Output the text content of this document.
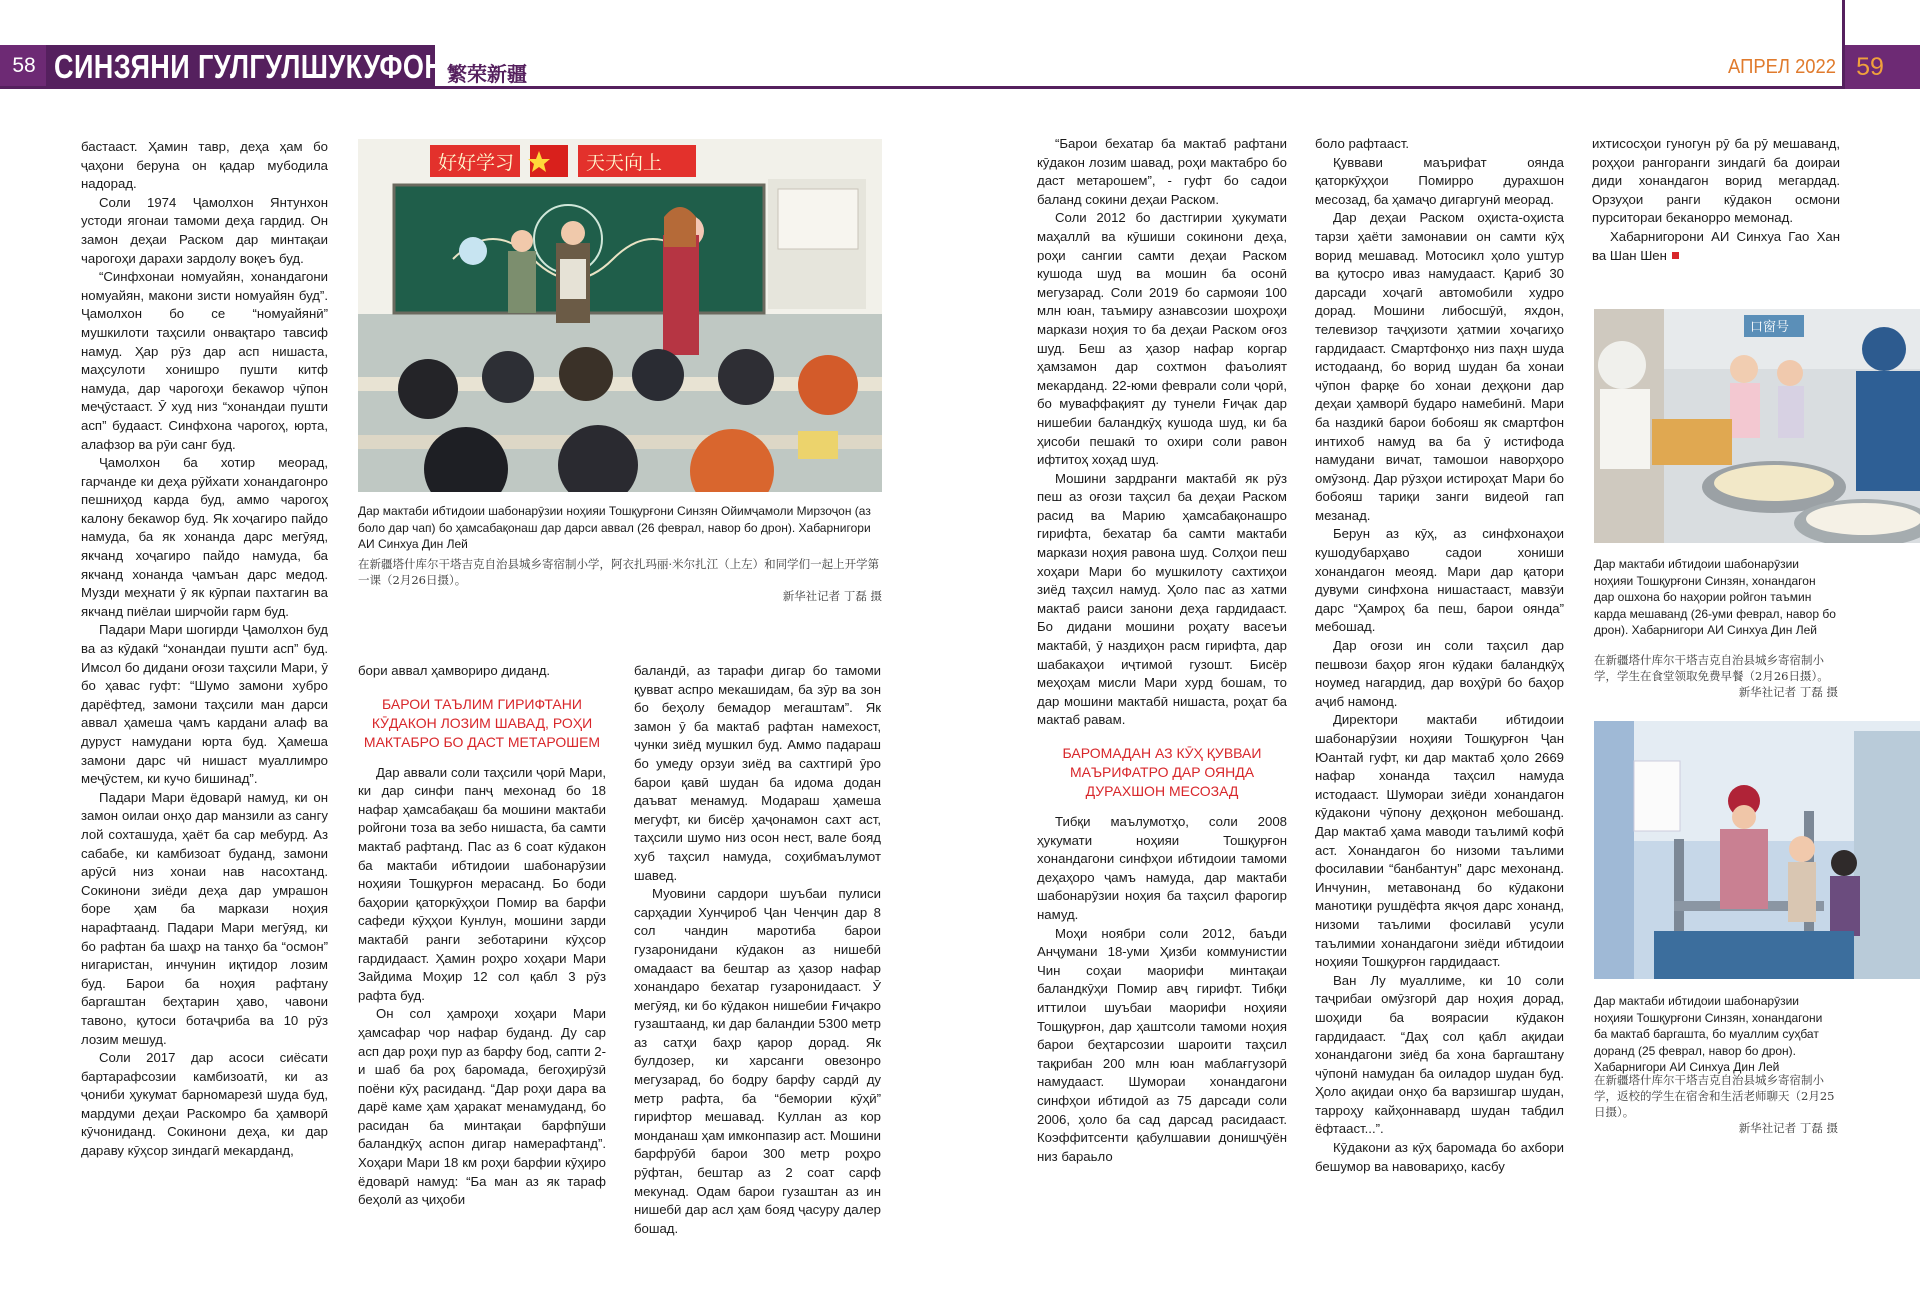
58 СИНЗЯНИ ГУЛГУЛШУКУФОН 繁荣新疆	АПРЕЛ 2022 59

бастааст. Ҳамин тавр, деҳа ҳам бо ҷаҳони беруна он қадар мубодила надорад.

Соли 1974 Ҷамолхон Янтунхон устоди ягонаи тамоми деҳа гардид. Он замон деҳаи Раском дар минтақаи чарогоҳи дарахи зардолу воқеъ буд.

“Синфхонаи номуайян, хонандагони номуайян, макони зисти номуайян буд”. Ҷамолхон бо се “номуайянӣ” мушкилоти таҳсили онвақтаро тавсиф намуд. Ҳар рӯз дар асп нишаста, маҳсулоти хонишро пушти китф намуда, дар чарогоҳи бекаԝор чӯпон меҷӯстааст. Ӯ худ низ “хонандаи пушти асп” будааст. Синфхона чарогоҳ, юрта, алафзор ва рӯи санг буд.

Ҷамолхон ба хотир меорад, гарчанде ки деҳа рӯйхати хонандагонро пешниҳод карда буд, аммо чарогоҳ калону бекаԝор буд. Як хоҷагиро пайдо намуда, ба як хонанда дарс мегӯяд, якчанд хоҷагиро пайдо намуда, ба якчанд хонанда ҷамъан дарс медод. Музди меҳнати ӯ як кӯрпаи пахтагин ва якчанд пиёлаи ширчойи гарм буд.

Падари Мари шогирди Ҷамолхон буд ва аз кӯдакӣ “хонандаи пушти асп” буд. Имсол бо дидани оғози таҳсили Мари, ӯ бо ҳавас гуфт: “Шумо замони хубро дарёфтед, замони таҳсили ман дарси аввал ҳамеша ҷамъ кардани алаф ва дуруст намудани юрта буд. Ҳамеша замони дарс чӣ нишаст муаллимро меҷӯстем, ки кучо бишинад”.

Падари Мари ёдоварӣ намуд, ки он замон оилаи онҳо дар манзили аз сангу лой сохташуда, ҳаёт ба сар мебурд. Аз сабабе, ки камбизоат буданд, замони арӯсӣ низ хонаи нав насохтанд. Сокинони зиёди деҳа дар умрашон боре ҳам ба маркази ноҳия нарафтаанд. Падари Мари мегӯяд, ки бо рафтан ба шаҳр на танҳо ба “осмон” нигаристан, инчунин иқтидор лозим буд. Барои ба ноҳия рафтану баргаштан беҳтарин ҳаво, чавони тавоно, қутоси ботаҷриба ва 10 рӯз лозим мешуд.

Соли 2017 дар асоси сиёсати бартарафсозии камбизоатӣ, ки аз ҷониби ҳукумат барномарезӣ шуда буд, мардуми деҳаи Раскомро ба ҳамворӣ кӯчониданд. Сокинони деҳа, ки дар дараву кӯҳсор зиндагӣ мекарданд,

好好学习	天天向上
Дар мактаби ибтидоии шабонарӯзии ноҳияи Тошқурғони Синзян Ойимҷамоли Мирзоҷон (аз боло дар чап) бо ҳамсабақонаш дар дарси аввал (26 феврал, навор бо дрон). Хабарнигори АИ Синхуа Дин Лей
在新疆塔什库尔干塔吉克自治县城乡寄宿制小学，阿衣扎玛丽·米尔扎江（上左）和同学们一起上开学第一课（2月26日摄）。
新华社记者 丁磊 摄

бори аввал ҳамвориро диданд.

БАРОИ ТАЪЛИМ ГИРИФТАНИ КӮДАКОН ЛОЗИМ ШАВАД, РОҲИ МАКТАБРО БО ДАСТ МЕТАРОШЕМ

Дар аввали соли таҳсили ҷорӣ Мари, ки дар синфи панҷ мехонад бо 18 нафар ҳамсабақаш ба мошини мактаби ройгони тоза ва зебо нишаста, ба самти мактаб рафтанд. Пас аз 6 соат кӯдакон ба мактаби ибтидоии шабонарӯзии ноҳияи Тошқурғон мерасанд. Бо боди баҳории қаторкӯҳҳои Помир ва барфи сафеди кӯҳҳои Кунлун, мошини зарди мактабӣ ранги зеботарини кӯҳсор гардидааст. Ҳамин роҳро хоҳари Мари Зайдима Моҳир 12 сол қабл 3 рӯз рафта буд.

Он сол ҳамроҳи хоҳари Мари ҳамсафар чор нафар буданд. Ду сар асп дар роҳи пур аз барфу бод, сапти 2-и шаб ба роҳ баромада, бегоҳирӯзӣ поёни кӯҳ расиданд. “Дар роҳи дара ва дарё каме ҳам ҳаракат менамуданд, бо расидан ба минтақаи барфпӯши баландкӯҳ аспон дигар намерафтанд”. Хоҳари Мари 18 км роҳи барфии кӯҳиро ёдоварӣ намуд: “Ба ман аз як тараф беҳолӣ аз ҷиҳоби

баландӣ, аз тарафи дигар бо тамоми қувват аспро мекашидам, ба зӯр ва зон бо беҳолу бемадор мегаштам”. Як замон ӯ ба мактаб рафтан намехост, чунки зиёд мушкил буд. Аммо падараш бо умеду орзуи зиёд ва сахтгирӣ ӯро барои қавӣ шудан ба идома додан даъват менамуд. Модараш ҳамеша мегуфт, ки бисёр ҳаҷонамон сахт аст, таҳсили шумо низ осон нест, вале бояд хуб таҳсил намуда, соҳибмаълумот шавед.

Муовини сардори шуъбаи пулиси сарҳадии Хунҷироб Ҷан Ченҷин дар 8 сол чандин маротиба барои гузаронидани кӯдакон аз нишебӣ омадааст ва бештар аз ҳазор нафар хонандаро бехатар гузаронидааст. Ӯ мегӯяд, ки бо кӯдакон нишебии Ғиҷакро гузаштаанд, ки дар баландии 5300 метр аз сатҳи баҳр қарор дорад. Як булдозер, ки харсанги овезонро мегузарад, бо бодру барфу сардӣ ду метр рафта, ба “бемории кӯҳӣ” гирифтор мешавад. Куллан аз кор монданаш ҳам имконпазир аст. Мошини барфрӯбӣ барои 300 метр роҳро рӯфтан, бештар аз 2 соат сарф мекунад. Одам барои гузаштан аз ин нишебӣ дар асл ҳам бояд ҷасуру далер бошад.

“Барои бехатар ба мактаб рафтани кӯдакон лозим шавад, роҳи мактабро бо даст метарошем”, - гуфт бо садои баланд сокини деҳаи Раском.

Соли 2012 бо дастгирии ҳукумати маҳаллӣ ва кӯшиши сокинони деҳа, роҳи сангии самти деҳаи Раском кушода шуд ва мошин ба осонӣ мегузарад. Соли 2019 бо сармояи 100 млн юан, таъмиру азнавсозии шоҳроҳи маркази ноҳия то ба деҳаи Раском оғоз шуд. Беш аз ҳазор нафар коргар ҳамзамон дар сохтмон фаъолият мекарданд. 22-юми феврали соли ҷорӣ, бо муваффақият ду тунели Ғиҷак дар нишебии баландкӯҳ кушода шуд, ки ба ҳисоби пешакӣ то охири соли равон ифтитоҳ хоҳад шуд.

Мошини зардранги мактабӣ як рӯз пеш аз оғози таҳсил ба деҳаи Раском расид ва Марию ҳамсабақонашро гирифта, бехатар ба самти мактаби маркази ноҳия равона шуд. Солҳои пеш хоҳари Мари бо мушкилоту сахтиҳои зиёд таҳсил намуд. Ҳоло пас аз хатми мактаб раиси занони деҳа гардидааст. Бо дидани мошини роҳату васеъи мактабӣ, ӯ наздиҳон расм гирифта, дар шабакаҳои иҷтимоӣ гузошт. Бисёр меҳоҳам мисли Мари хурд бошам, то дар мошини мактабӣ нишаста, роҳат ба мактаб равам.

БАРОМАДАН АЗ КӮҲ ҚУВВАИ МАЪРИФАТРО ДАР ОЯНДА ДУРАХШОН МЕСОЗАД

Тибқи маълумотҳо, соли 2008 ҳукумати ноҳияи Тошқурғон хонандагони синфҳои ибтидоии тамоми деҳаҳоро ҷамъ намуда, дар мактаби шабонарӯзии ноҳия ба таҳсил фарогир намуд.

Моҳи ноябри соли 2012, баъди Анҷумани 18-уми Ҳизби коммунистии Чин соҳаи маорифи минтақаи баландкӯҳи Помир авҷ гирифт. Тибқи иттилои шуъбаи маорифи ноҳияи Тошқурғон, дар ҳаштсоли тамоми ноҳия барои беҳтарсозии шароити таҳсил тақрибан 200 млн юан маблағгузорӣ намудааст. Шумораи хонандагони синфҳои ибтидоӣ аз 75 дарсади соли 2006, ҳоло ба сад дарсад расидааст. Коэффитсенти қабулшавии донишҷӯён низ бараьло

боло рафтааст.

Қуввави маърифат оянда қаторкӯҳҳои Помирро дурахшон месозад, ба ҳамаҷо дигаргунӣ меорад.

Дар деҳаи Раском оҳиста-оҳиста тарзи ҳаёти замонавии он самти кӯҳ ворид мешавад. Мотосикл ҳоло уштур ва қутосро иваз намудааст. Қариб 30 дарсади хоҷагӣ автомобили худро дорад. Мошини либосшӯӣ, яхдон, телевизор таҷҳизоти ҳатмии хоҷагиҳо гардидааст. Смартфонҳо низ паҳн шуда истодаанд, бо ворид шудан ба хонаи чӯпон фарқе бо хонаи деҳқони дар деҳаи ҳамворӣ бударо намебинӣ. Мари ба наздикӣ барои бобояш як смартфон интихоб намуд ва ба ӯ истифода намудани вичат, тамошои наворҳоро омӯзонд. Дар рӯзҳои истироҳат Мари бо бобояш тариқи занги видеоӣ гап мезанад.

Берун аз кӯҳ, аз синфхонаҳои кушодубарҳаво садои хониши хонандагон меояд. Мари дар қатори дувуми синфхона нишастааст, мавзӯи дарс “Ҳамроҳ ба пеш, барои оянда” мебошад.

Дар оғози ин соли таҳсил дар пешвози баҳор ягон кӯдаки баландкӯҳ ноумед нагардид, дар воҳӯрӣ бо баҳор аҷиб намонд.

Директори мактаби ибтидоии шабонарӯзии ноҳияи Тошқурғон Ҷан Юантай гуфт, ки дар мактаб ҳоло 2669 нафар хонанда таҳсил намуда истодааст. Шумораи зиёди хонандагон кӯдакони чӯпону деҳқонон мебошанд. Дар мактаб ҳама маводи таълимӣ кофӣ аст. Хонандагон бо низоми таълими фосилавии “банбантун” дарс мехонанд. Инчунин, метавонанд бо кӯдакони манотиқи рушдёфта якҷоя дарс хонанд, низоми таълими фосилавӣ усули таълимии хонандагони зиёди ибтидоии ноҳияи Тошқурғон гардидааст.

Ван Лу муаллиме, ки 10 соли таҷрибаи омӯзгорӣ дар ноҳия дорад, шоҳиди ба воярасии кӯдакон гардидааст. “Даҳ сол қабл ақидаи хонандагони зиёд ба хона баргаштану чӯпонӣ намудан ба оиладор шудан буд. Ҳоло ақидаи онҳо ба варзишгар шудан, тарроҳу кайҳоннавард шудан табдил ёфтааст...”.

Кӯдакони аз кӯҳ баромада бо ахбори бешумор ва навовариҳо, касбу

ихтисосҳои гуногун рӯ ба рӯ мешаванд, роҳҳои рангоранги зиндагӣ ба доираи диди хонандагон ворид мегардад. Орзуҳои ранги кӯдакон осмони пурситораи беканорро мемонад.

Хабарнигорони АИ Синхуа Гао Хан ва Шан Шен

口窗号
Дар мактаби ибтидоии шабонарӯзии ноҳияи Тошқурғони Синзян, хонандагон дар ошхона бо наҳории ройгон таъмин карда мешаванд (26-уми феврал, навор бо дрон). Хабарнигори АИ Синхуа Дин Лей
在新疆塔什库尔干塔吉克自治县城乡寄宿制小学，学生在食堂领取免费早餐（2月26日摄）。
新华社记者 丁磊 摄
Дар мактаби ибтидоии шабонарӯзии ноҳияи Тошқурғони Синзян, хонандагони ба мактаб баргашта, бо муаллим суҳбат доранд (25 феврал, навор бо дрон). Хабарнигори АИ Синхуа Дин Лей
在新疆塔什库尔干塔吉克自治县城乡寄宿制小学，返校的学生在宿舍和生活老师聊天（2月25日摄）。
新华社记者 丁磊 摄
